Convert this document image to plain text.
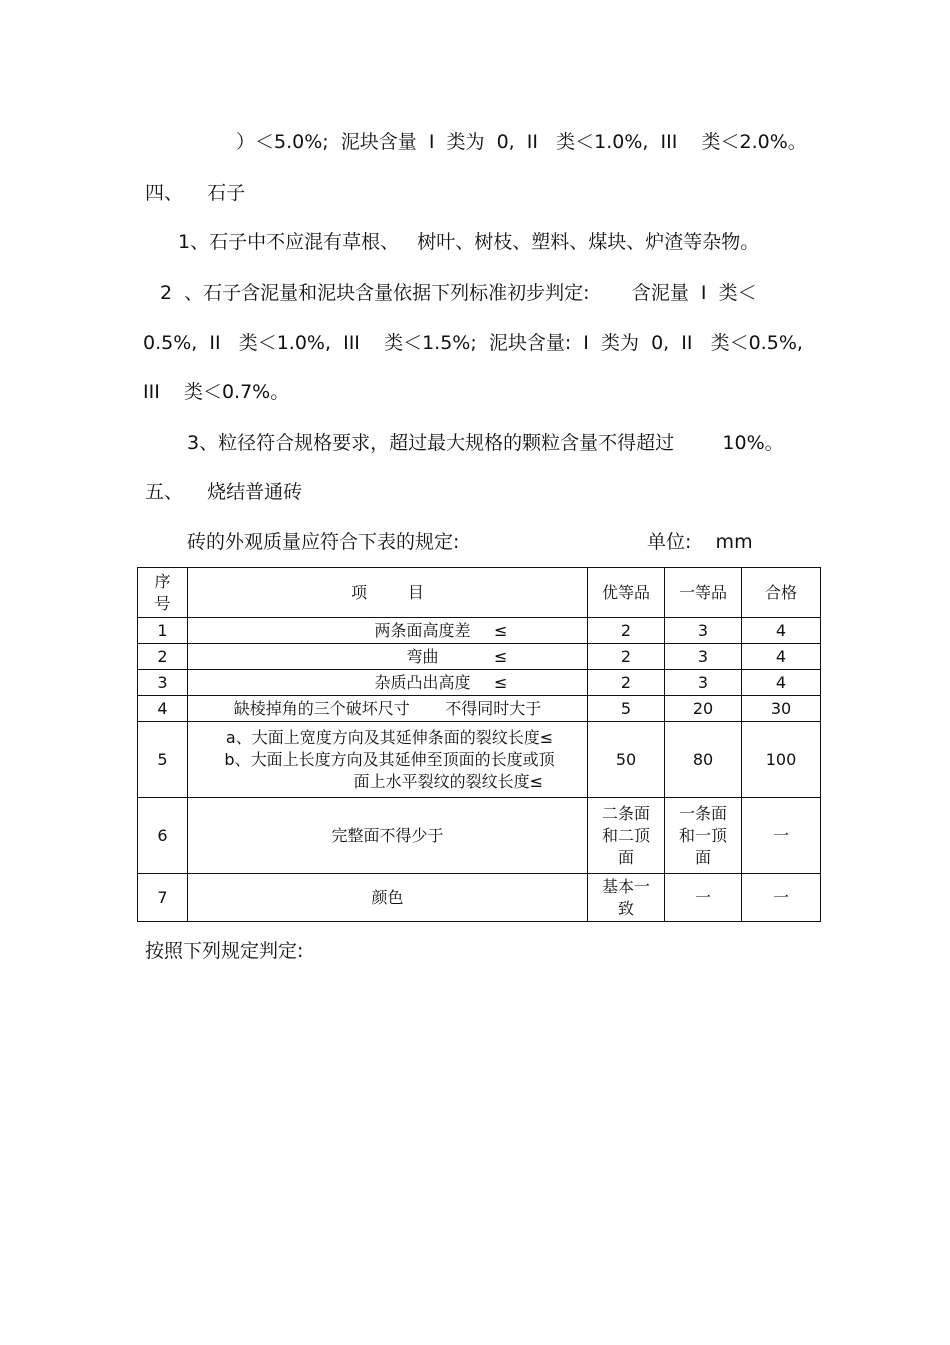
）＜5.0%;  泥块含量  I  类为  0,  II   类＜1.0%,  III    类＜2.0%。
四、    石子
1、石子中不应混有草根、   树叶、树枝、塑料、煤块、炉渣等杂物。
2  、石子含泥量和泥块含量依据下列标准初步判定:       含泥量  I  类＜
0.5%,  II   类＜1.0%,  III    类＜1.5%;  泥块含量:  I  类为  0,  II   类＜0.5%,
III    类＜0.7%。
3、粒径符合规格要求，超过最大规格的颗粒含量不得超过        10%。
五、    烧结普通砖
砖的外观质量应符合下表的规定:	单位:    mm
序
号	项        目	优等品	一等品	合格
1	两条面高度差 ≤	2	3	4
2	弯曲 ≤	2	3	4
3	杂质凸出高度 ≤	2	3	4
4	缺棱掉角的三个破坏尺寸       不得同时大于	5	20	30
5	a、大面上宽度方向及其延伸条面的裂纹长度≤
b、大面上长度方向及其延伸至顶面的长度或顶
面上水平裂纹的裂纹长度≤	50	80	100
6	完整面不得少于	二条面
和二顶
面	一条面
和一顶
面	一
7	颜色	基本一
致	一	一
按照下列规定判定:
